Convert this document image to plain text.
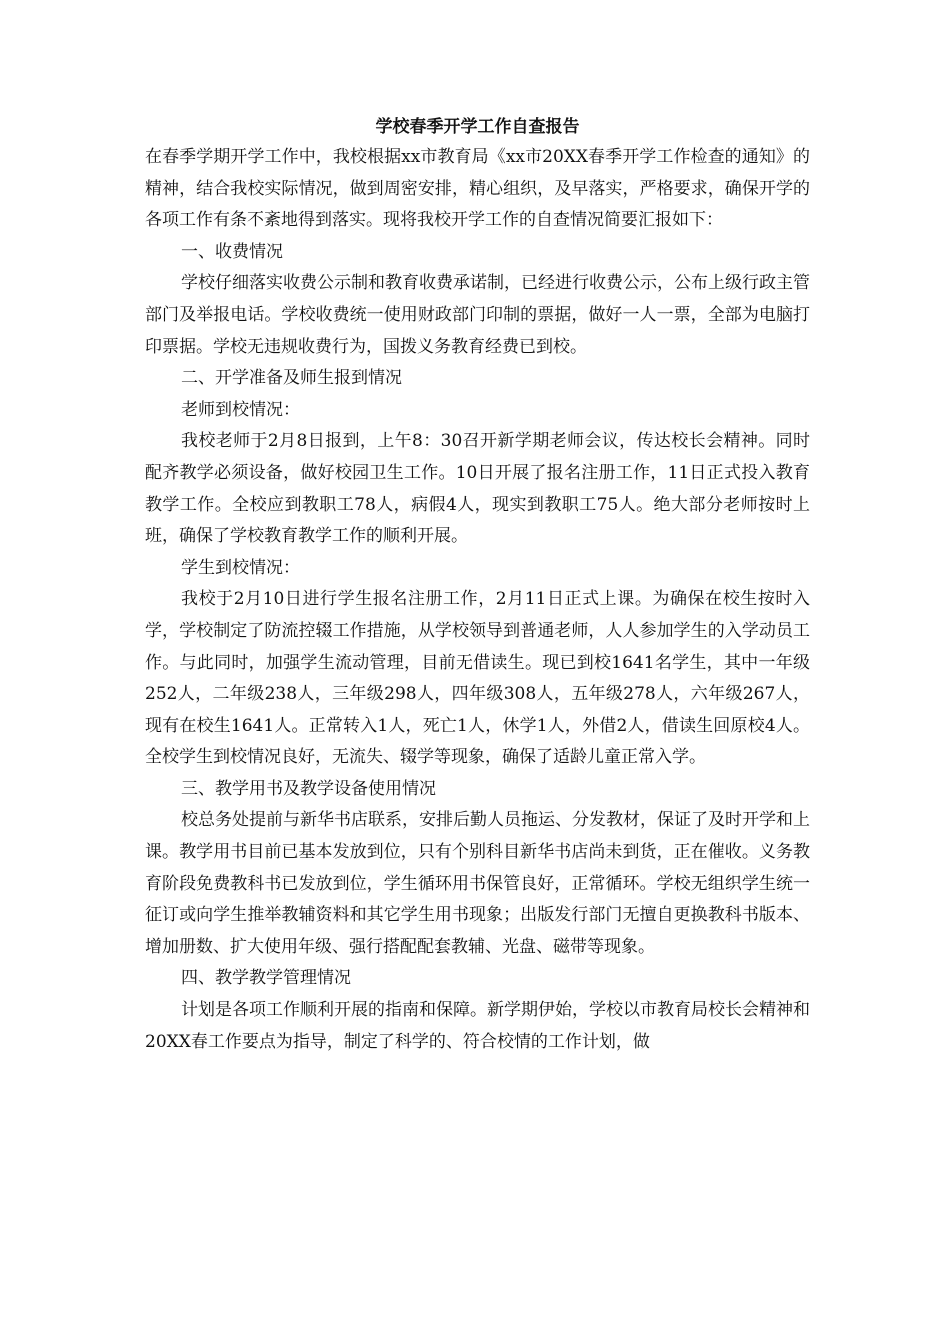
学校春季开学工作自查报告

在春季学期开学工作中，我校根据xx市教育局《xx市20XX春季开学工作检查的通知》的精神，结合我校实际情况，做到周密安排，精心组织，及早落实，严格要求，确保开学的各项工作有条不紊地得到落实。现将我校开学工作的自查情况简要汇报如下：

一、收费情况

学校仔细落实收费公示制和教育收费承诺制，已经进行收费公示，公布上级行政主管部门及举报电话。学校收费统一使用财政部门印制的票据，做好一人一票，全部为电脑打印票据。学校无违规收费行为，国拨义务教育经费已到校。

二、开学准备及师生报到情况

老师到校情况：

我校老师于2月8日报到，上午8：30召开新学期老师会议，传达校长会精神。同时配齐教学必须设备，做好校园卫生工作。10日开展了报名注册工作，11日正式投入教育教学工作。全校应到教职工78人，病假4人，现实到教职工75人。绝大部分老师按时上班，确保了学校教育教学工作的顺利开展。

学生到校情况：

我校于2月10日进行学生报名注册工作，2月11日正式上课。为确保在校生按时入学，学校制定了防流控辍工作措施，从学校领导到普通老师，人人参加学生的入学动员工作。与此同时，加强学生流动管理，目前无借读生。现已到校1641名学生，其中一年级252人，二年级238人，三年级298人，四年级308人，五年级278人，六年级267人，现有在校生1641人。正常转入1人，死亡1人，休学1人，外借2人，借读生回原校4人。全校学生到校情况良好，无流失、辍学等现象，确保了适龄儿童正常入学。

三、教学用书及教学设备使用情况

校总务处提前与新华书店联系，安排后勤人员拖运、分发教材，保证了及时开学和上课。教学用书目前已基本发放到位，只有个别科目新华书店尚未到货，正在催收。义务教育阶段免费教科书已发放到位，学生循环用书保管良好，正常循环。学校无组织学生统一征订或向学生推举教辅资料和其它学生用书现象；出版发行部门无擅自更换教科书版本、增加册数、扩大使用年级、强行搭配配套教辅、光盘、磁带等现象。

四、教学教学管理情况

计划是各项工作顺利开展的指南和保障。新学期伊始，学校以市教育局校长会精神和20XX春工作要点为指导，制定了科学的、符合校情的工作计划，做
